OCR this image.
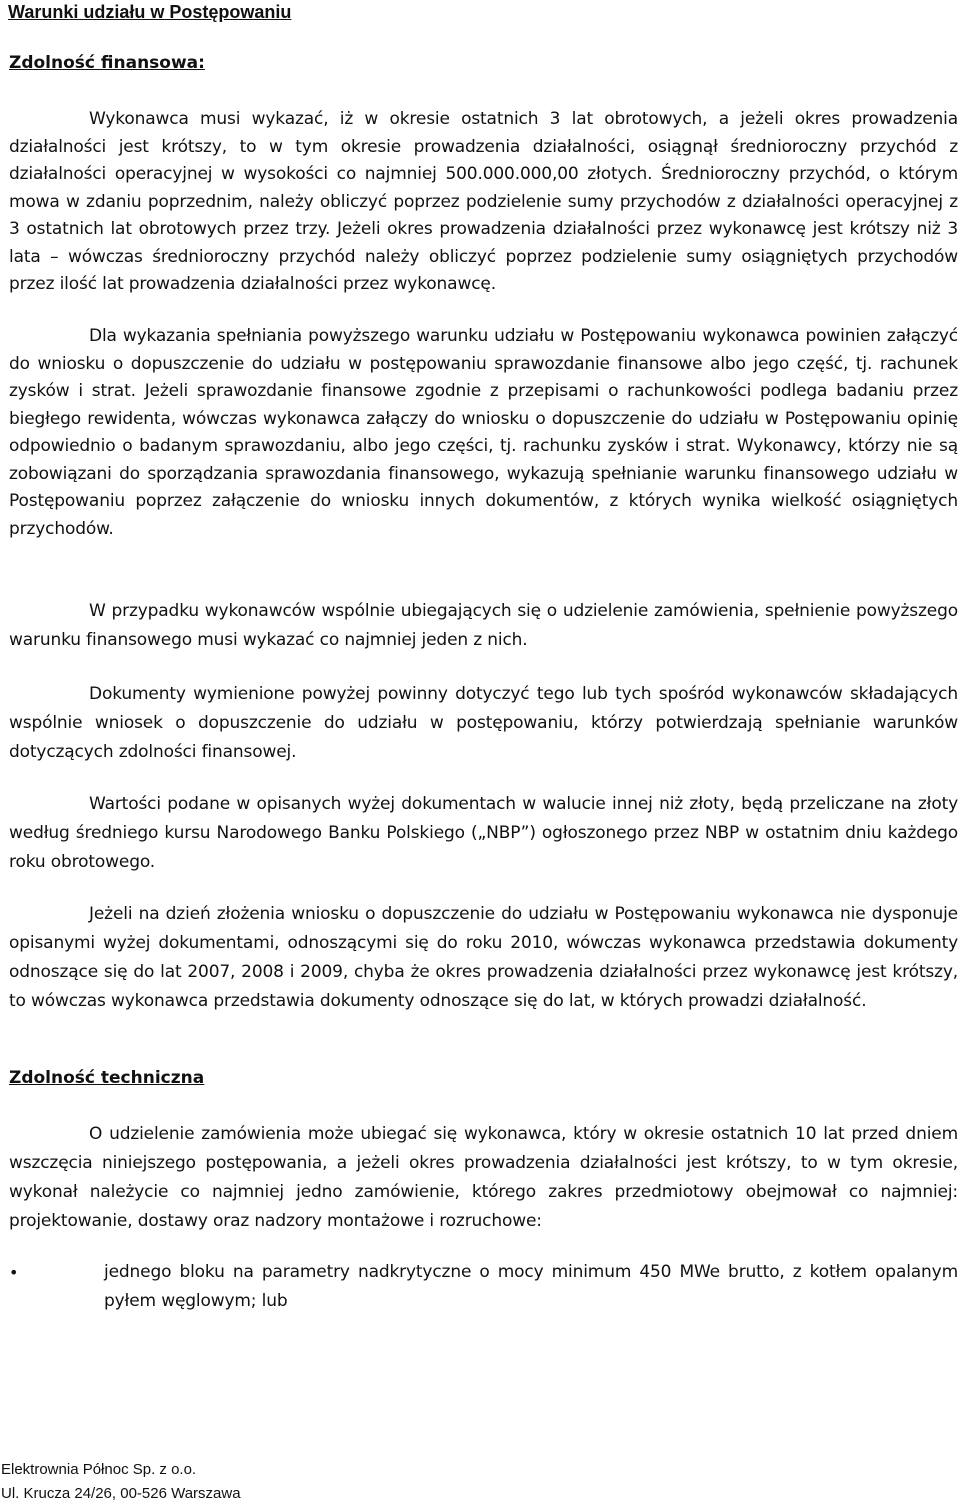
Warunki udziału w Postępowaniu
Zdolność finansowa:

Wykonawca musi wykazać, iż w okresie ostatnich 3 lat obrotowych, a jeżeli okres prowadzenia działalności jest krótszy, to w tym okresie prowadzenia działalności, osiągnął średnioroczny przychód z działalności operacyjnej w wysokości co najmniej 500.000.000,00 złotych. Średnioroczny przychód, o którym mowa w zdaniu poprzednim, należy obliczyć poprzez podzielenie sumy przychodów z działalności operacyjnej z 3 ostatnich lat obrotowych przez trzy. Jeżeli okres prowadzenia działalności przez wykonawcę jest krótszy niż 3 lata – wówczas średnioroczny przychód należy obliczyć poprzez podzielenie sumy osiągniętych przychodów przez ilość lat prowadzenia działalności przez wykonawcę.

Dla wykazania spełniania powyższego warunku udziału w Postępowaniu wykonawca powinien załączyć do wniosku o dopuszczenie do udziału w postępowaniu sprawozdanie finansowe albo jego część, tj. rachunek zysków i strat. Jeżeli sprawozdanie finansowe zgodnie z przepisami o rachunkowości podlega badaniu przez biegłego rewidenta, wówczas wykonawca załączy do wniosku o dopuszczenie do udziału w Postępowaniu opinię odpowiednio o badanym sprawozdaniu, albo jego części, tj. rachunku zysków i strat. Wykonawcy, którzy nie są zobowiązani do sporządzania sprawozdania finansowego, wykazują spełnianie warunku finansowego udziału w Postępowaniu poprzez załączenie do wniosku innych dokumentów, z których wynika wielkość osiągniętych przychodów.

W przypadku wykonawców wspólnie ubiegających się o udzielenie zamówienia, spełnienie powyższego warunku finansowego musi wykazać co najmniej jeden z nich.

Dokumenty wymienione powyżej powinny dotyczyć tego lub tych spośród wykonawców składających wspólnie wniosek o dopuszczenie do udziału w postępowaniu, którzy potwierdzają spełnianie warunków dotyczących zdolności finansowej.

Wartości podane w opisanych wyżej dokumentach w walucie innej niż złoty, będą przeliczane na złoty według średniego kursu Narodowego Banku Polskiego („NBP”) ogłoszonego przez NBP w ostatnim dniu każdego roku obrotowego.

Jeżeli na dzień złożenia wniosku o dopuszczenie do udziału w Postępowaniu wykonawca nie dysponuje opisanymi wyżej dokumentami, odnoszącymi się do roku 2010, wówczas wykonawca przedstawia dokumenty odnoszące się do lat 2007, 2008 i 2009, chyba że okres prowadzenia działalności przez wykonawcę jest krótszy, to wówczas wykonawca przedstawia dokumenty odnoszące się do lat, w których prowadzi działalność.

Zdolność techniczna

O udzielenie zamówienia może ubiegać się wykonawca, który w okresie ostatnich 10 lat przed dniem wszczęcia niniejszego postępowania, a jeżeli okres prowadzenia działalności jest krótszy, to w tym okresie, wykonał należycie co najmniej jedno zamówienie, którego zakres przedmiotowy obejmował co najmniej: projektowanie, dostawy oraz nadzory montażowe i rozruchowe:

•	jednego bloku na parametry nadkrytyczne o mocy minimum 450 MWe brutto, z kotłem opalanym pyłem węglowym; lub
Elektrownia Północ Sp. z o.o.
Ul. Krucza 24/26, 00-526 Warszawa
